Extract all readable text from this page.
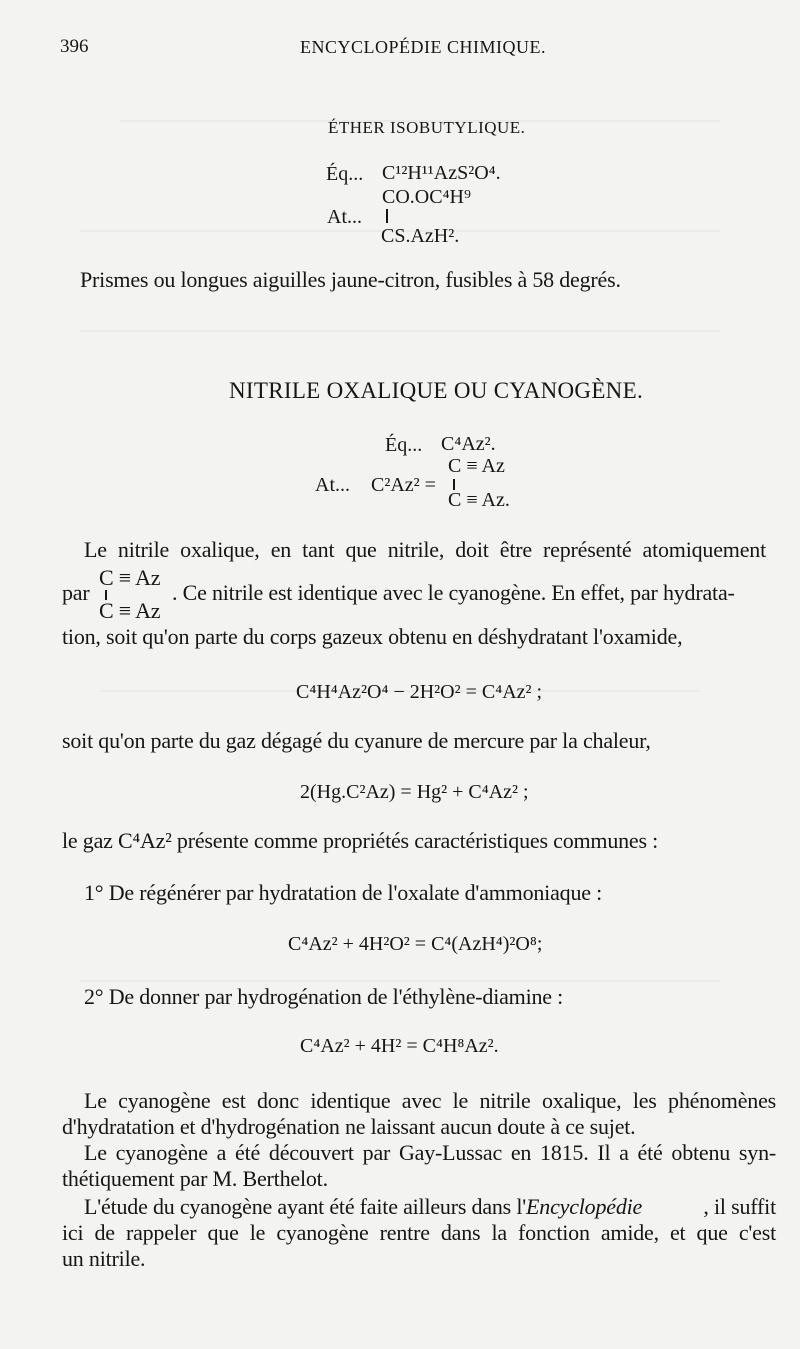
396	ENCYCLOPÉDIE CHIMIQUE.
ÉTHER ISOBUTYLIQUE.
Éq... C¹²H¹¹AzS²O⁴.
CO.OC⁴H⁹
At...
CS.AzH².
Prismes ou longues aiguilles jaune-citron, fusibles à 58 degrés.
NITRILE OXALIQUE OU CYANOGÈNE.
Éq... C⁴Az².
C ≡ Az
At... C²Az² =
C ≡ Az.
Le nitrile oxalique, en tant que nitrile, doit être représenté atomiquement
C ≡ Az
par	. Ce nitrile est identique avec le cyanogène. En effet, par hydrata-
C ≡ Az
tion, soit qu'on parte du corps gazeux obtenu en déshydratant l'oxamide,
C⁴H⁴Az²O⁴ − 2H²O² = C⁴Az² ;
soit qu'on parte du gaz dégagé du cyanure de mercure par la chaleur,
2(Hg.C²Az) = Hg² + C⁴Az² ;
le gaz C⁴Az² présente comme propriétés caractéristiques communes :
1° De régénérer par hydratation de l'oxalate d'ammoniaque :
C⁴Az² + 4H²O² = C⁴(AzH⁴)²O⁸;
2° De donner par hydrogénation de l'éthylène-diamine :
C⁴Az² + 4H² = C⁴H⁸Az².
Le cyanogène est donc identique avec le nitrile oxalique, les phénomènes
d'hydratation et d'hydrogénation ne laissant aucun doute à ce sujet.
Le cyanogène a été découvert par Gay-Lussac en 1815. Il a été obtenu syn-
thétiquement par M. Berthelot.
L'étude du cyanogène ayant été faite ailleurs dans l'Encyclopédie	, il suffit
ici de rappeler que le cyanogène rentre dans la fonction amide, et que c'est
un nitrile.
